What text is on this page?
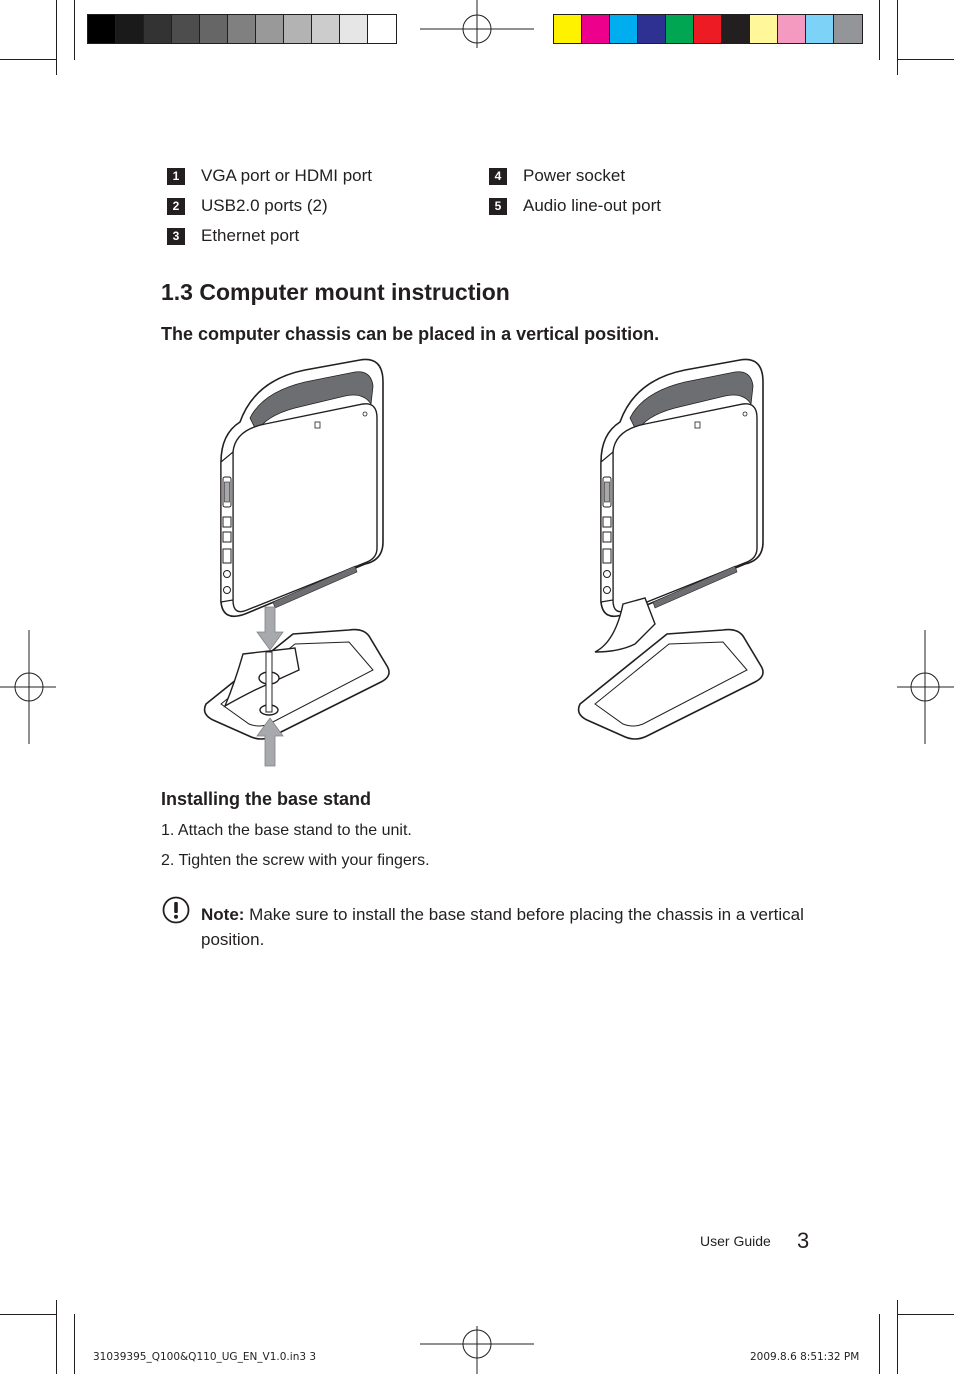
1	VGA port or HDMI port
2	USB2.0 ports (2)
3	Ethernet port
4	Power socket
5	Audio line-out port
1.3 Computer mount instruction

The computer chassis can be placed in a vertical position.

Installing the base stand
1. Attach the base stand to the unit.
2. Tighten the screw with your fingers.
Note: Make sure to install the base stand before placing the chassis in a vertical position.
User Guide 3
31039395_Q100&Q110_UG_EN_V1.0.in3 3	2009.8.6 8:51:32 PM
